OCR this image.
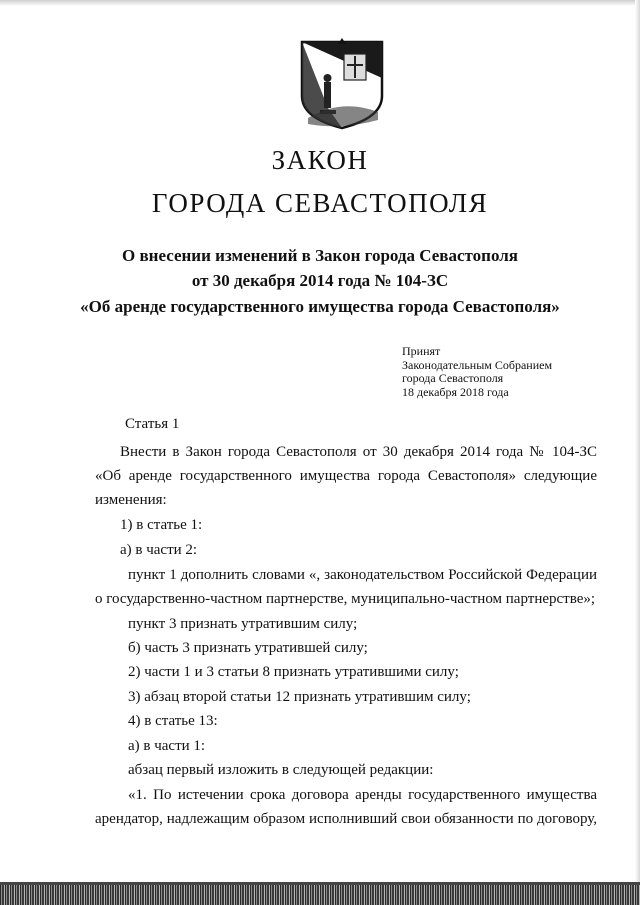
ЗАКОН
ГОРОДА СЕВАСТОПОЛЯ
О внесении изменений в Закон города Севастополя
от 30 декабря 2014 года № 104-ЗС
«Об аренде государственного имущества города Севастополя»
Принят
Законодательным Собранием
города Севастополя
18 декабря 2018 года
Статья 1
Внести в Закон города Севастополя от 30 декабря 2014 года № 104-ЗС
«Об аренде государственного имущества города Севастополя» следующие
изменения:
1) в статье 1:
а) в части 2:
пункт 1 дополнить словами «, законодательством Российской Федерации
о государственно-частном партнерстве, муниципально-частном партнерстве»;
пункт 3 признать утратившим силу;
б) часть 3 признать утратившей силу;
2) части 1 и 3 статьи 8 признать утратившими силу;
3) абзац второй статьи 12 признать утратившим силу;
4) в статье 13:
а) в части 1:
абзац первый изложить в следующей редакции:
«1. По истечении срока договора аренды государственного имущества
арендатор, надлежащим образом исполнивший свои обязанности по договору,
